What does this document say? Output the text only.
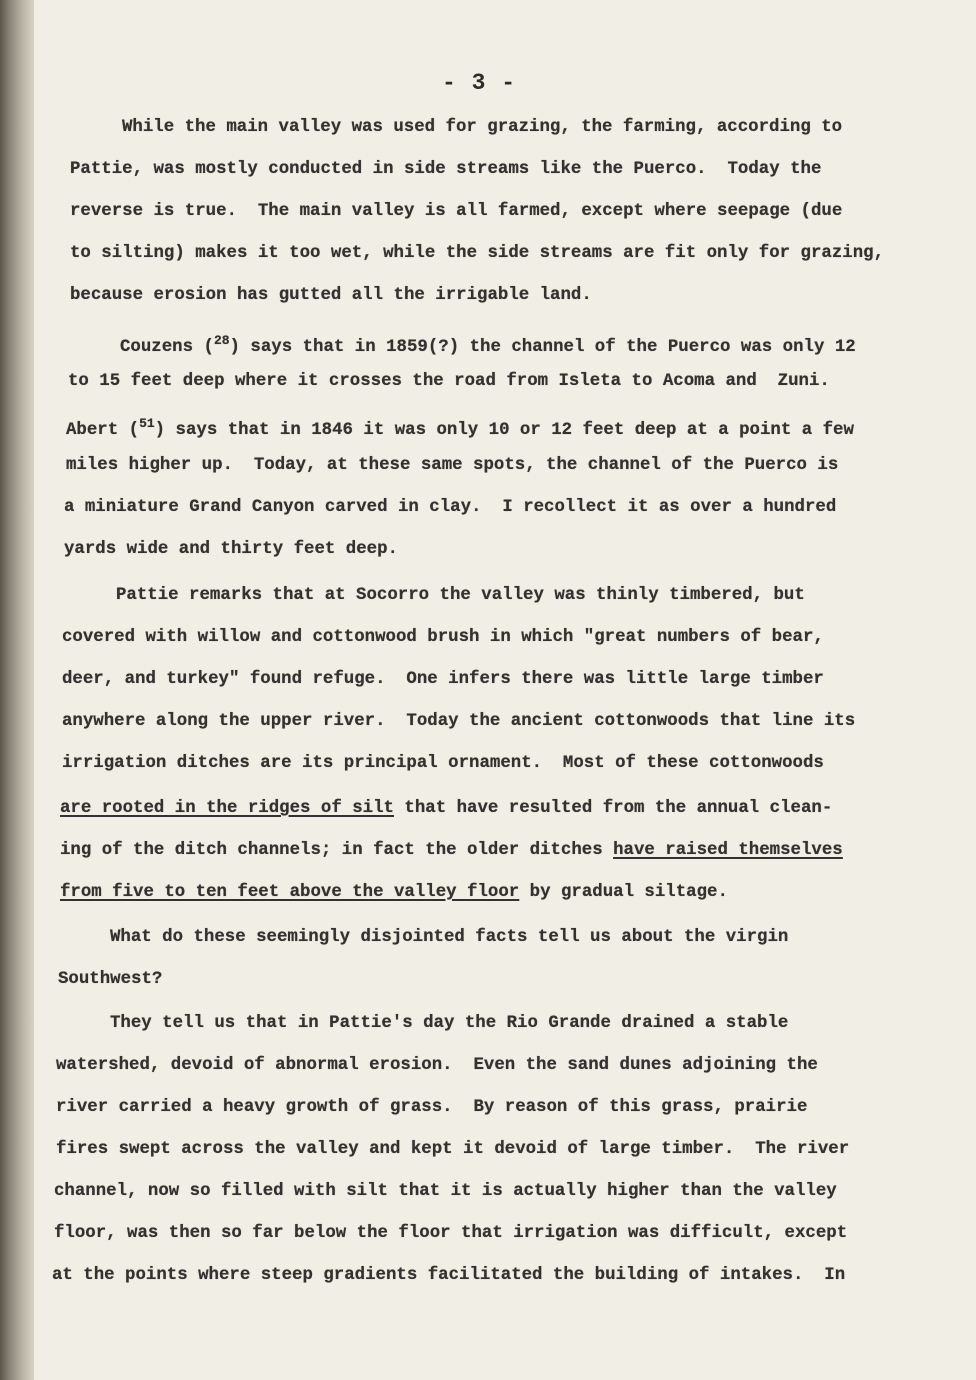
- 3 -
While the main valley was used for grazing, the farming, according to
Pattie, was mostly conducted in side streams like the Puerco.  Today the
reverse is true.  The main valley is all farmed, except where seepage (due
to silting) makes it too wet, while the side streams are fit only for grazing,
because erosion has gutted all the irrigable land.
Couzens ($^{28}$) says that in 1859(?) the channel of the Puerco was only 12
to 15 feet deep where it crosses the road from Isleta to Acoma and  Zuni.
Abert ($^{51}$) says that in 1846 it was only 10 or 12 feet deep at a point a few
miles higher up.  Today, at these same spots, the channel of the Puerco is
a miniature Grand Canyon carved in clay.  I recollect it as over a hundred
yards wide and thirty feet deep.
Pattie remarks that at Socorro the valley was thinly timbered, but
covered with willow and cottonwood brush in which "great numbers of bear,
deer, and turkey" found refuge.  One infers there was little large timber
anywhere along the upper river.  Today the ancient cottonwoods that line its
irrigation ditches are its principal ornament.  Most of these cottonwoods
are rooted in the ridges of silt that have resulted from the annual clean-
ing of the ditch channels; in fact the older ditches have raised themselves
from five to ten feet above the valley floor by gradual siltage.
What do these seemingly disjointed facts tell us about the virgin
Southwest?
They tell us that in Pattie's day the Rio Grande drained a stable
watershed, devoid of abnormal erosion.  Even the sand dunes adjoining the
river carried a heavy growth of grass.  By reason of this grass, prairie
fires swept across the valley and kept it devoid of large timber.  The river
channel, now so filled with silt that it is actually higher than the valley
floor, was then so far below the floor that irrigation was difficult, except
at the points where steep gradients facilitated the building of intakes.  In
